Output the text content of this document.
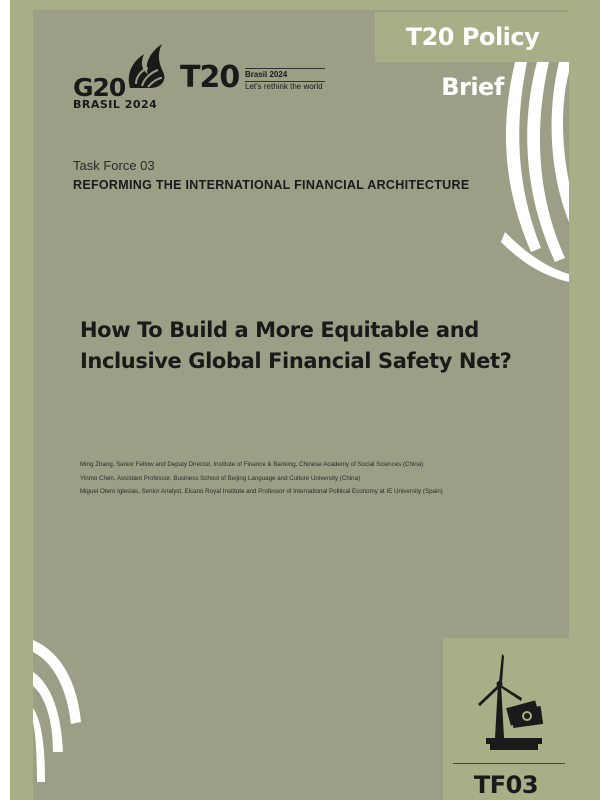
T20 Policy Brief
G20
BRASIL 2024
T20 Brasil 2024
Let's rethink the world
Task Force 03
REFORMING THE INTERNATIONAL FINANCIAL ARCHITECTURE
How To Build a More Equitable and
Inclusive Global Financial Safety Net?
Ming Zhang, Senior Fellow and Deputy Director, Institute of Finance & Banking, Chinese Academy of Social Sciences (China)
Yinmo Chen, Assistant Professor, Business School of Beijing Language and Culture University (China)
Miguel Otero Iglesias, Senior Analyst, Elcano Royal Institute and Professor of International Political Economy at IE University (Spain)
TF03
